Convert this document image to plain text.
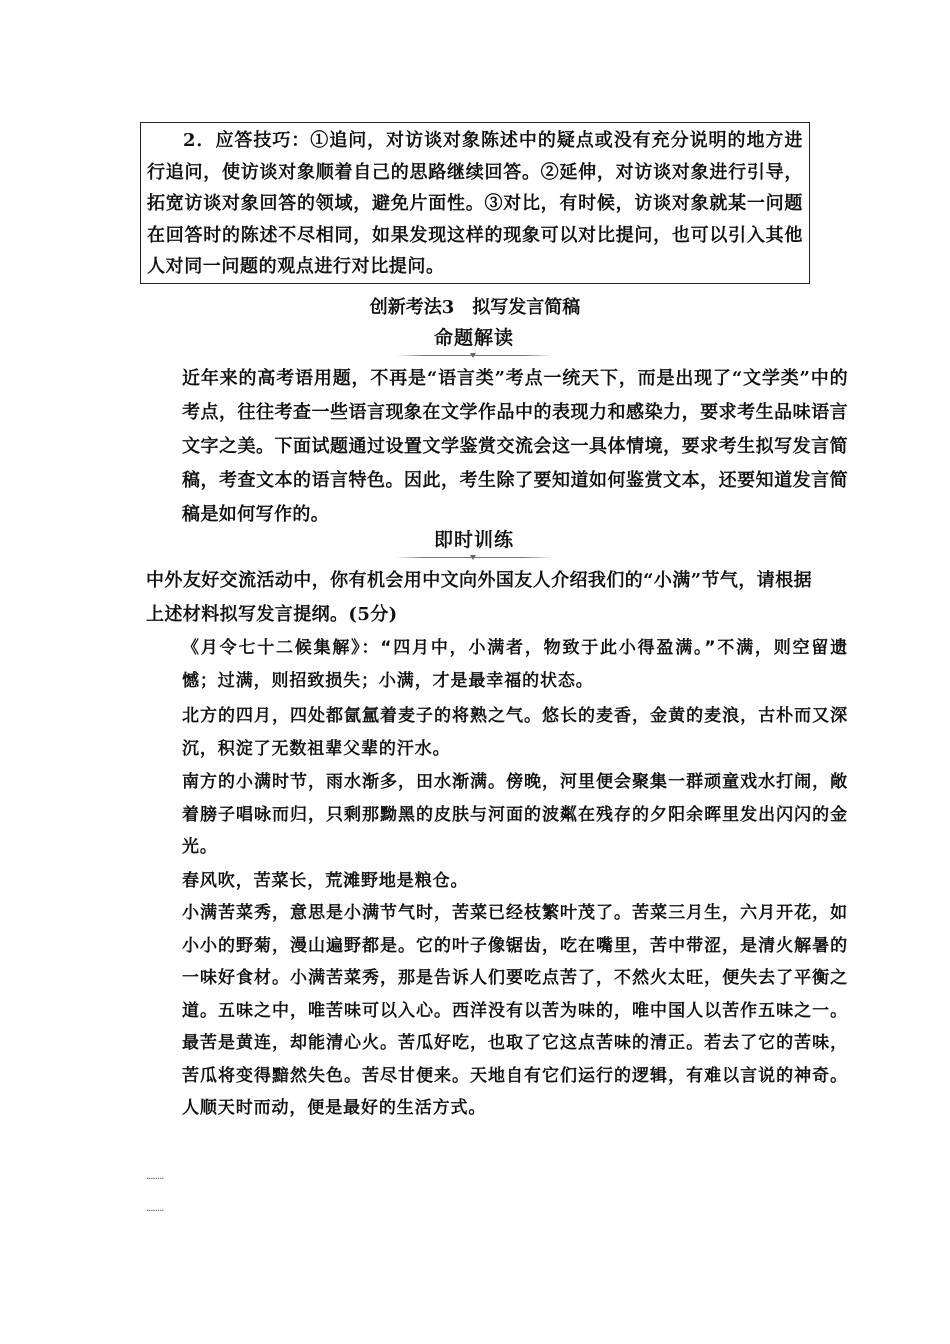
2．应答技巧：①追问，对访谈对象陈述中的疑点或没有充分说明的地方进行追问，使访谈对象顺着自己的思路继续回答。②延伸，对访谈对象进行引导，拓宽访谈对象回答的领域，避免片面性。③对比，有时候，访谈对象就某一问题在回答时的陈述不尽相同，如果发现这样的现象可以对比提问，也可以引入其他人对同一问题的观点进行对比提问。

创新考法3　拟写发言简稿
命题解读

近年来的高考语用题，不再是“语言类”考点一统天下，而是出现了“文学类”中的考点，往往考查一些语言现象在文学作品中的表现力和感染力，要求考生品味语言文字之美。下面试题通过设置文学鉴赏交流会这一具体情境，要求考生拟写发言简稿，考查文本的语言特色。因此，考生除了要知道如何鉴赏文本，还要知道发言简稿是如何写作的。

即时训练

中外友好交流活动中，你有机会用中文向外国友人介绍我们的“小满”节气，请根据上述材料拟写发言提纲。(5分)

《月令七十二候集解》：“四月中，小满者，物致于此小得盈满。”不满，则空留遗憾；过满，则招致损失；小满，才是最幸福的状态。

北方的四月，四处都氤氲着麦子的将熟之气。悠长的麦香，金黄的麦浪，古朴而又深沉，积淀了无数祖辈父辈的汗水。

南方的小满时节，雨水渐多，田水渐满。傍晚，河里便会聚集一群顽童戏水打闹，敞着膀子唱咏而归，只剩那黝黑的皮肤与河面的波粼在残存的夕阳余晖里发出闪闪的金光。

春风吹，苦菜长，荒滩野地是粮仓。

小满苦菜秀，意思是小满节气时，苦菜已经枝繁叶茂了。苦菜三月生，六月开花，如小小的野菊，漫山遍野都是。它的叶子像锯齿，吃在嘴里，苦中带涩，是清火解暑的一味好食材。小满苦菜秀，那是告诉人们要吃点苦了，不然火太旺，便失去了平衡之道。五味之中，唯苦味可以入心。西洋没有以苦为味的，唯中国人以苦作五味之一。最苦是黄连，却能清心火。苦瓜好吃，也取了它这点苦味的清正。若去了它的苦味，苦瓜将变得黯然失色。苦尽甘便来。天地自有它们运行的逻辑，有难以言说的神奇。人顺天时而动，便是最好的生活方式。

........
........
